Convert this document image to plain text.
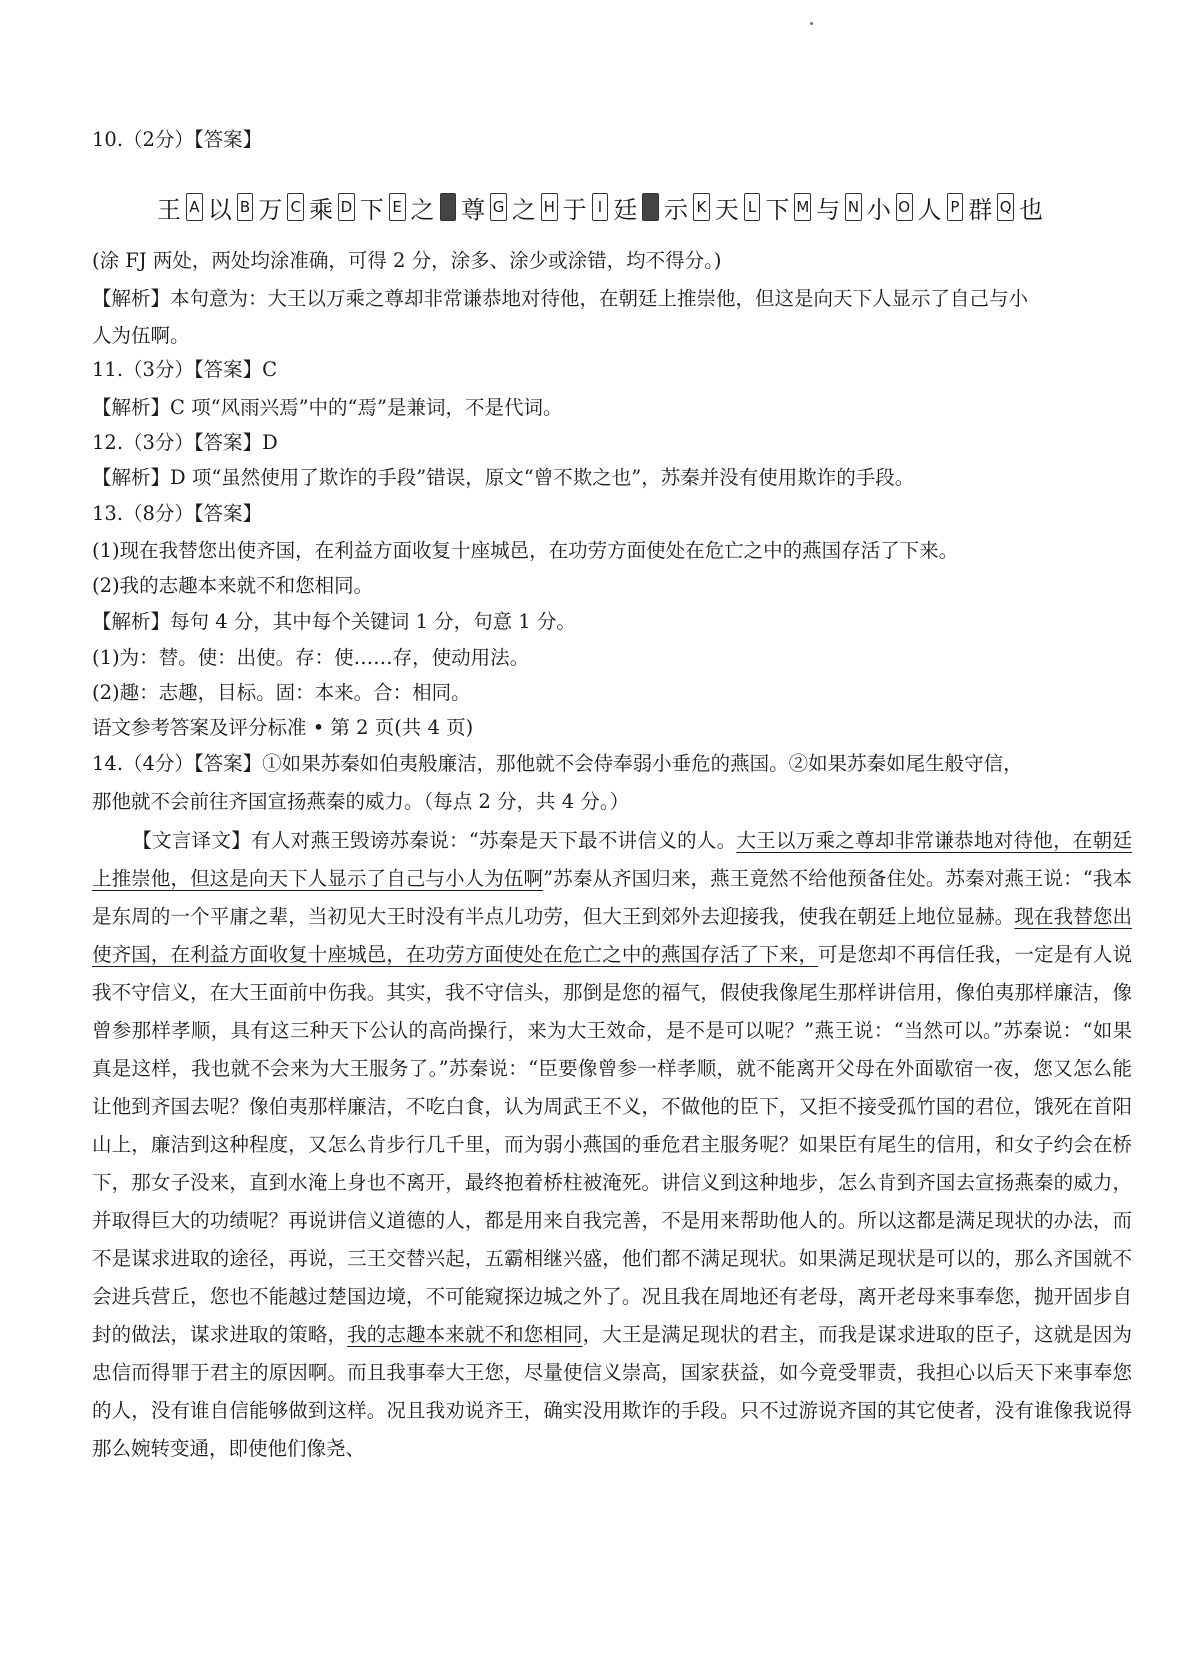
10.（2分）【答案】
王 A 以 B 万 C 乘 D 下 E 之 F 尊 G 之 H 于 I 廷 J 示 K 天 L 下 M 与 N 小 O 人 P 群 Q 也
(涂 FJ 两处，两处均涂准确，可得 2 分，涂多、涂少或涂错，均不得分。)
【解析】本句意为：大王以万乘之尊却非常谦恭地对待他，在朝廷上推崇他，但这是向天下人显示了自己与小
人为伍啊。
11.（3分）【答案】C
【解析】C 项“风雨兴焉”中的“焉”是兼词，不是代词。
12.（3分）【答案】D
【解析】D 项“虽然使用了欺诈的手段”错误，原文“曾不欺之也”，苏秦并没有使用欺诈的手段。
13.（8分）【答案】
(1)现在我替您出使齐国，在利益方面收复十座城邑，在功劳方面使处在危亡之中的燕国存活了下来。
(2)我的志趣本来就不和您相同。
【解析】每句 4 分，其中每个关键词 1 分，句意 1 分。
(1)为：替。使：出使。存：使……存，使动用法。
(2)趣：志趣，目标。固：本来。合：相同。
语文参考答案及评分标准 • 第 2 页(共 4 页)
14.（4分）【答案】①如果苏秦如伯夷般廉洁，那他就不会侍奉弱小垂危的燕国。②如果苏秦如尾生般守信，
那他就不会前往齐国宣扬燕秦的威力。（每点 2 分，共 4 分。）
【文言译文】有人对燕王毁谤苏秦说：“苏秦是天下最不讲信义的人。大王以万乘之尊却非常谦恭地对待他，在朝廷上推崇他，但这是向天下人显示了自己与小人为伍啊”苏秦从齐国归来，燕王竟然不给他预备住处。苏秦对燕王说：“我本是东周的一个平庸之辈，当初见大王时没有半点儿功劳，但大王到郊外去迎接我，使我在朝廷上地位显赫。现在我替您出使齐国，在利益方面收复十座城邑，在功劳方面使处在危亡之中的燕国存活了下来，可是您却不再信任我，一定是有人说我不守信义，在大王面前中伤我。其实，我不守信头，那倒是您的福气，假使我像尾生那样讲信用，像伯夷那样廉洁，像曾参那样孝顺，具有这三种天下公认的高尚操行，来为大王效命，是不是可以呢？”燕王说：“当然可以。”苏秦说：“如果真是这样，我也就不会来为大王服务了。”苏秦说：“臣要像曾参一样孝顺，就不能离开父母在外面歇宿一夜，您又怎么能让他到齐国去呢？像伯夷那样廉洁，不吃白食，认为周武王不义，不做他的臣下，又拒不接受孤竹国的君位，饿死在首阳山上，廉洁到这种程度，又怎么肯步行几千里，而为弱小燕国的垂危君主服务呢？如果臣有尾生的信用，和女子约会在桥下，那女子没来，直到水淹上身也不离开，最终抱着桥柱被淹死。讲信义到这种地步，怎么肯到齐国去宣扬燕秦的威力，并取得巨大的功绩呢？再说讲信义道德的人，都是用来自我完善，不是用来帮助他人的。所以这都是满足现状的办法，而不是谋求进取的途径，再说，三王交替兴起，五霸相继兴盛，他们都不满足现状。如果满足现状是可以的，那么齐国就不会进兵营丘，您也不能越过楚国边境，不可能窥探边城之外了。况且我在周地还有老母，离开老母来事奉您，抛开固步自封的做法，谋求进取的策略，我的志趣本来就不和您相同，大王是满足现状的君主，而我是谋求进取的臣子，这就是因为忠信而得罪于君主的原因啊。而且我事奉大王您，尽量使信义崇高，国家获益，如今竟受罪责，我担心以后天下来事奉您的人，没有谁自信能够做到这样。况且我劝说齐王，确实没用欺诈的手段。只不过游说齐国的其它使者，没有谁像我说得那么婉转变通，即使他们像尧、
